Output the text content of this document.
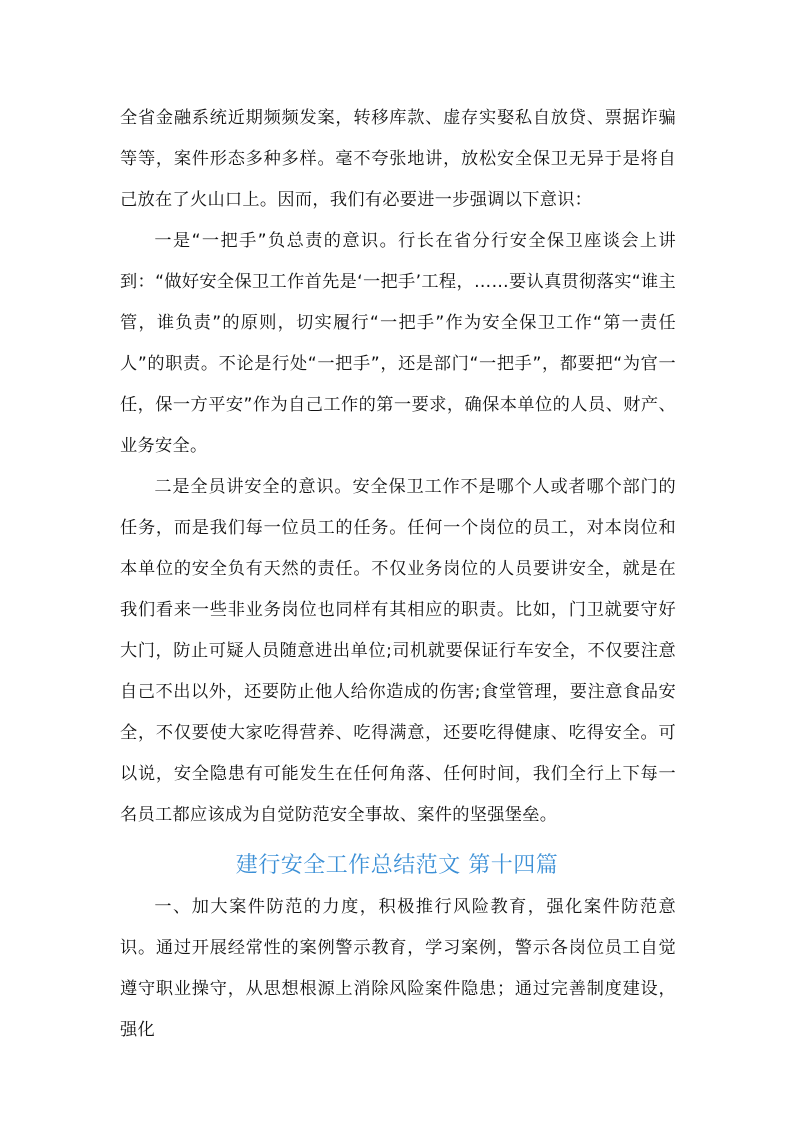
全省金融系统近期频频发案，转移库款、虚存实娶私自放贷、票据诈骗等等，案件形态多种多样。毫不夸张地讲，放松安全保卫无异于是将自己放在了火山口上。因而，我们有必要进一步强调以下意识：

一是“一把手”负总责的意识。行长在省分行安全保卫座谈会上讲到：“做好安全保卫工作首先是‘一把手’工程，……要认真贯彻落实“谁主管，谁负责”的原则，切实履行“一把手”作为安全保卫工作“第一责任人”的职责。不论是行处“一把手”，还是部门“一把手”，都要把“为官一任，保一方平安”作为自己工作的第一要求，确保本单位的人员、财产、业务安全。

二是全员讲安全的意识。安全保卫工作不是哪个人或者哪个部门的任务，而是我们每一位员工的任务。任何一个岗位的员工，对本岗位和本单位的安全负有天然的责任。不仅业务岗位的人员要讲安全，就是在我们看来一些非业务岗位也同样有其相应的职责。比如，门卫就要守好大门，防止可疑人员随意进出单位;司机就要保证行车安全，不仅要注意自己不出以外，还要防止他人给你造成的伤害;食堂管理，要注意食品安全，不仅要使大家吃得营养、吃得满意，还要吃得健康、吃得安全。可以说，安全隐患有可能发生在任何角落、任何时间，我们全行上下每一名员工都应该成为自觉防范安全事故、案件的坚强堡垒。

建行安全工作总结范文 第十四篇

一、加大案件防范的力度，积极推行风险教育，强化案件防范意识。通过开展经常性的案例警示教育，学习案例，警示各岗位员工自觉遵守职业操守，从思想根源上消除风险案件隐患；通过完善制度建设，强化
